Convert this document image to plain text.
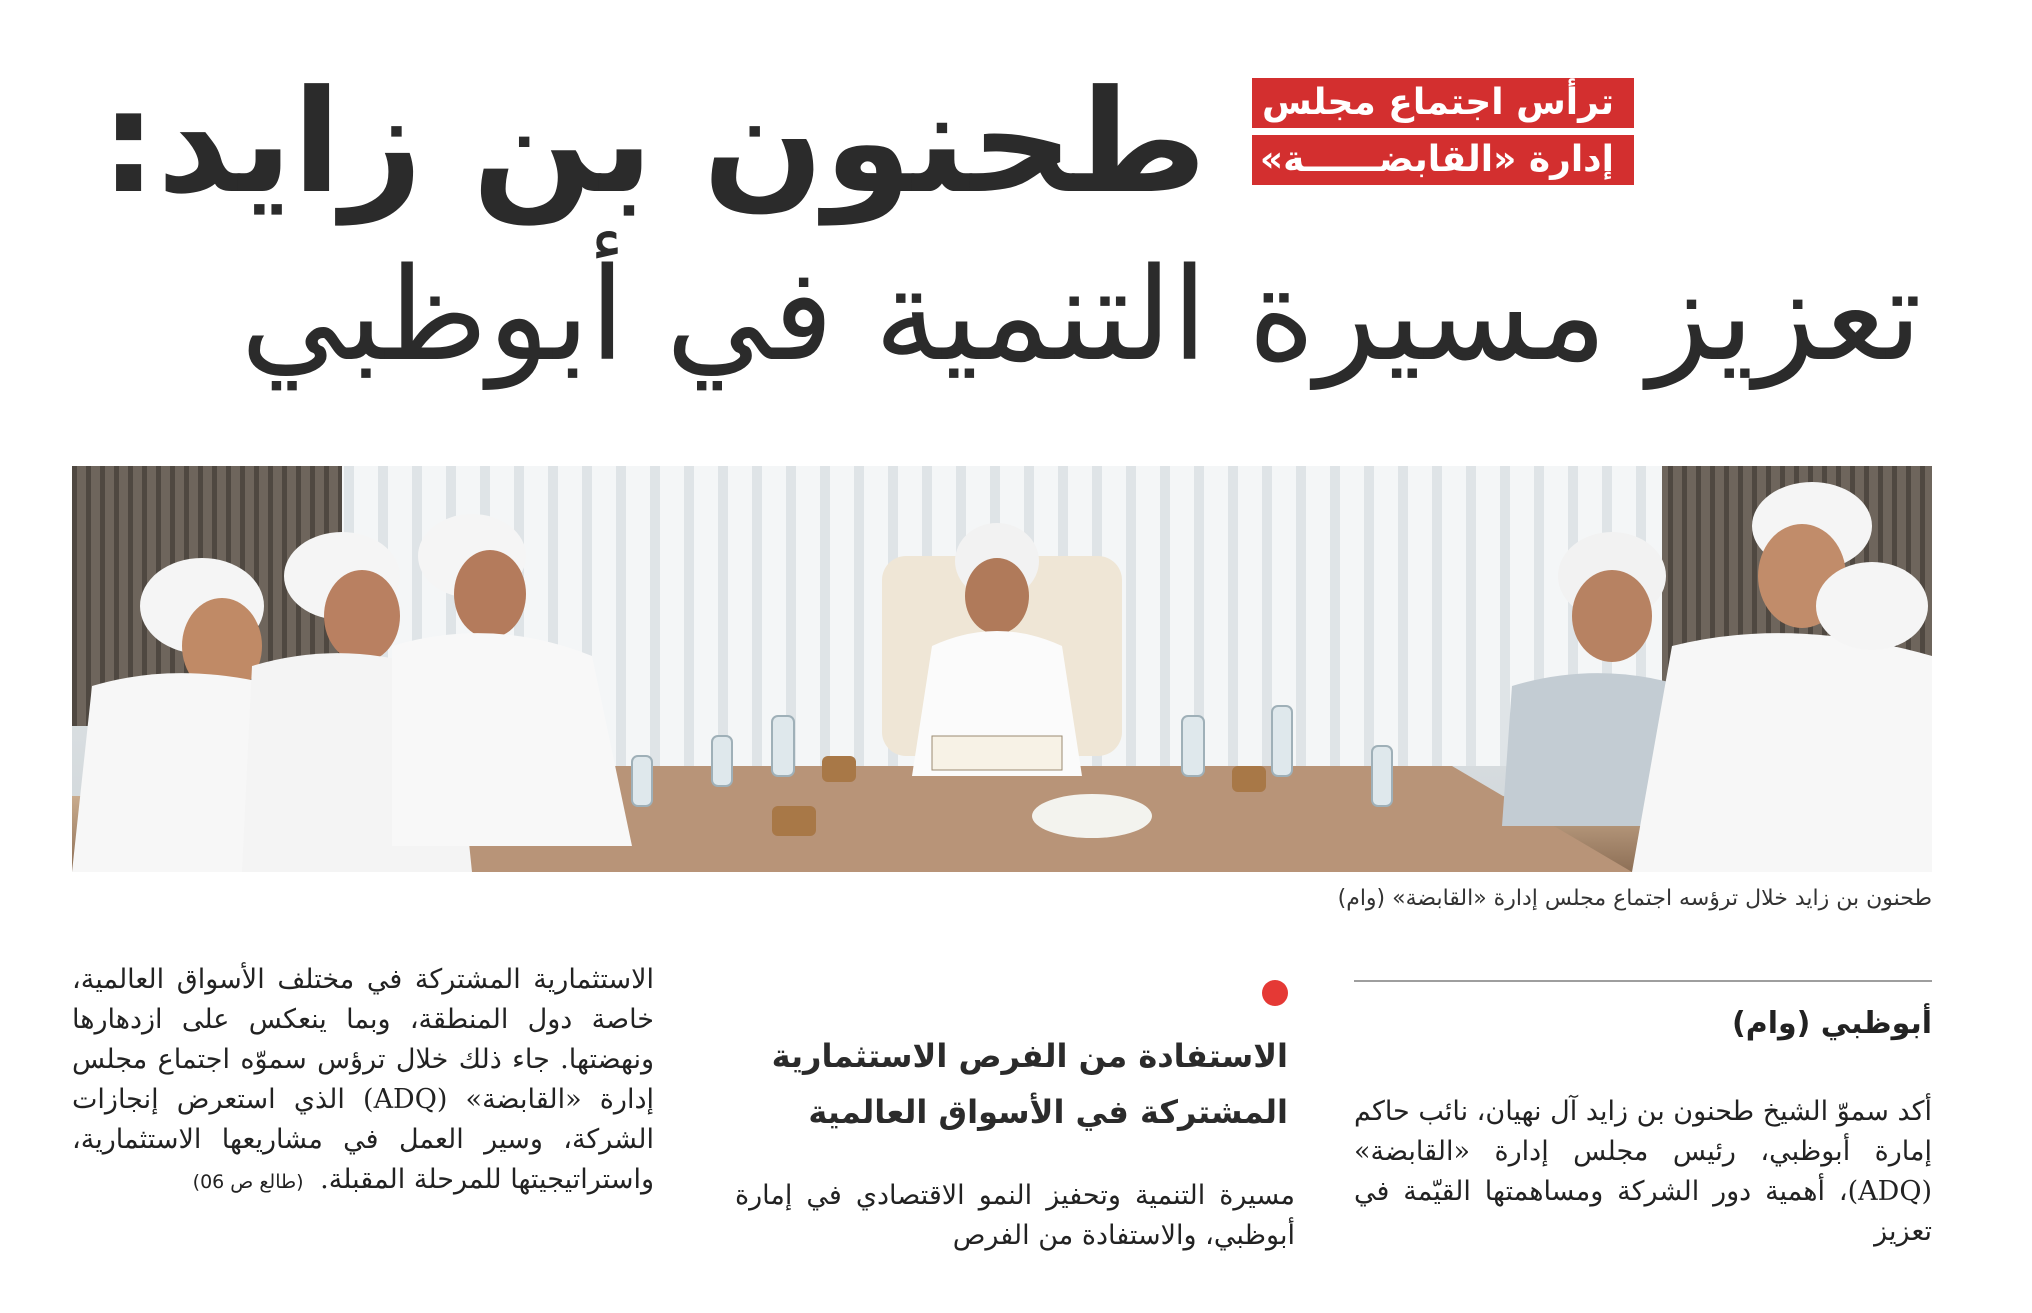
ترأس اجتماع مجلس
إدارة «القابضــــــة»
طحنون بن زايد:
تعزيز مسيرة التنمية في أبوظبي

طحنون بن زايد خلال ترؤسه اجتماع مجلس إدارة «القابضة» (وام)

أبوظبي (وام)

أكد سموّ الشيخ طحنون بن زايد آل نهيان، نائب حاكم إمارة أبوظبي، رئيس مجلس إدارة «القابضة» (ADQ)، أهمية دور الشركة ومساهمتها القيّمة في تعزيز

الاستفادة من الفرص الاستثمارية المشتركة في الأسواق العالمية

مسيرة التنمية وتحفيز النمو الاقتصادي في إمارة أبوظبي، والاستفادة من الفرص

الاستثمارية المشتركة في مختلف الأسواق العالمية، خاصة دول المنطقة، وبما ينعكس على ازدهارها ونهضتها. جاء ذلك خلال ترؤس سموّه اجتماع مجلس إدارة «القابضة» (ADQ) الذي استعرض إنجازات الشركة، وسير العمل في مشاريعها الاستثمارية، واستراتيجيتها للمرحلة المقبلة. (طالع ص 06)
